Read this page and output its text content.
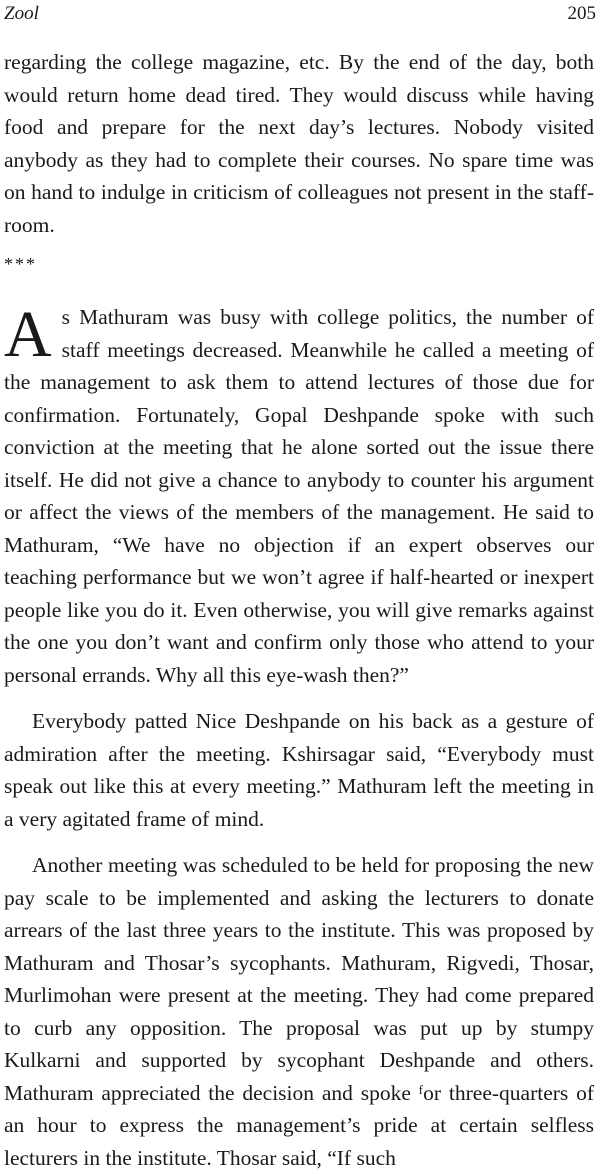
Zool	205

regarding the college magazine, etc. By the end of the day, both would return home dead tired. They would discuss while having food and prepare for the next day’s lectures. Nobody visited anybody as they had to complete their courses. No spare time was on hand to indulge in criticism of colleagues not present in the staff-room.

***

As Mathuram was busy with college politics, the number of staff meetings decreased. Meanwhile he called a meeting of the management to ask them to attend lectures of those due for confirmation. Fortunately, Gopal Deshpande spoke with such conviction at the meeting that he alone sorted out the issue there itself. He did not give a chance to anybody to counter his argument or affect the views of the members of the management. He said to Mathuram, “We have no objection if an expert observes our teaching performance but we won’t agree if half-hearted or inexpert people like you do it. Even otherwise, you will give remarks against the one you don’t want and confirm only those who attend to your personal errands. Why all this eye-wash then?”

Everybody patted Nice Deshpande on his back as a gesture of admiration after the meeting. Kshirsagar said, “Everybody must speak out like this at every meeting.” Mathuram left the meeting in a very agitated frame of mind.

Another meeting was scheduled to be held for proposing the new pay scale to be implemented and asking the lecturers to donate arrears of the last three years to the institute. This was proposed by Mathuram and Thosar’s sycophants. Mathuram, Rigvedi, Thosar, Murlimohan were present at the meeting. They had come prepared to curb any opposition. The proposal was put up by stumpy Kulkarni and supported by sycophant Deshpande and others. Mathuram appreciated the decision and spoke ᶠor three-quarters of an hour to express the management’s pride at certain selfless lecturers in the institute. Thosar said, “If such
